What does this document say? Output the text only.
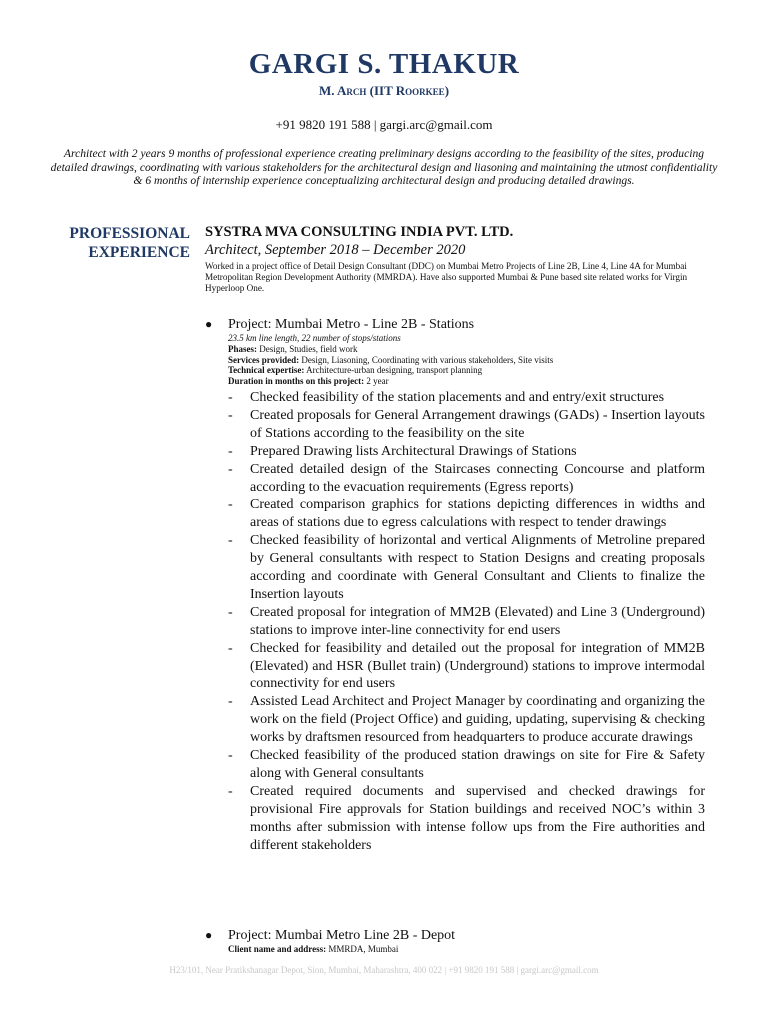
GARGI S. THAKUR
M. Arch (IIT Roorkee)
+91 9820 191 588 | gargi.arc@gmail.com
Architect with 2 years 9 months of professional experience creating preliminary designs according to the feasibility of the sites, producing detailed drawings, coordinating with various stakeholders for the architectural design and liasoning and maintaining the utmost confidentiality & 6 months of internship experience conceptualizing architectural design and producing detailed drawings.
PROFESSIONAL
EXPERIENCE
SYSTRA MVA CONSULTING INDIA PVT. LTD.
Architect, September 2018 – December 2020
Worked in a project office of Detail Design Consultant (DDC) on Mumbai Metro Projects of Line 2B, Line 4, Line 4A for Mumbai Metropolitan Region Development Authority (MMRDA). Have also supported Mumbai & Pune based site related works for Virgin Hyperloop One.
● Project: Mumbai Metro - Line 2B - Stations
23.5 km line length, 22 number of stops/stations
Phases: Design, Studies, field work
Services provided: Design, Liasoning, Coordinating with various stakeholders, Site visits
Technical expertise: Architecture-urban designing, transport planning
Duration in months on this project: 2 year
- Checked feasibility of the station placements and and entry/exit structures
- Created proposals for General Arrangement drawings (GADs) - Insertion layouts of Stations according to the feasibility on the site
- Prepared Drawing lists Architectural Drawings of Stations
- Created detailed design of the Staircases connecting Concourse and platform according to the evacuation requirements (Egress reports)
- Created comparison graphics for stations depicting differences in widths and areas of stations due to egress calculations with respect to tender drawings
- Checked feasibility of horizontal and vertical Alignments of Metroline prepared by General consultants with respect to Station Designs and creating proposals according and coordinate with General Consultant and Clients to finalize the Insertion layouts
- Created proposal for integration of MM2B (Elevated) and Line 3 (Underground) stations to improve inter-line connectivity for end users
- Checked for feasibility and detailed out the proposal for integration of MM2B (Elevated) and HSR (Bullet train) (Underground) stations to improve intermodal connectivity for end users
- Assisted Lead Architect and Project Manager by coordinating and organizing the work on the field (Project Office) and guiding, updating, supervising & checking works by draftsmen resourced from headquarters to produce accurate drawings
- Checked feasibility of the produced station drawings on site for Fire & Safety along with General consultants
- Created required documents and supervised and checked drawings for provisional Fire approvals for Station buildings and received NOC’s within 3 months after submission with intense follow ups from the Fire authorities and different stakeholders
● Project: Mumbai Metro Line 2B - Depot
Client name and address: MMRDA, Mumbai
H23/101, Near Pratikshanagar Depot, Sion, Mumbai, Maharashtra, 400 022 | +91 9820 191 588 | gargi.arc@gmail.com
